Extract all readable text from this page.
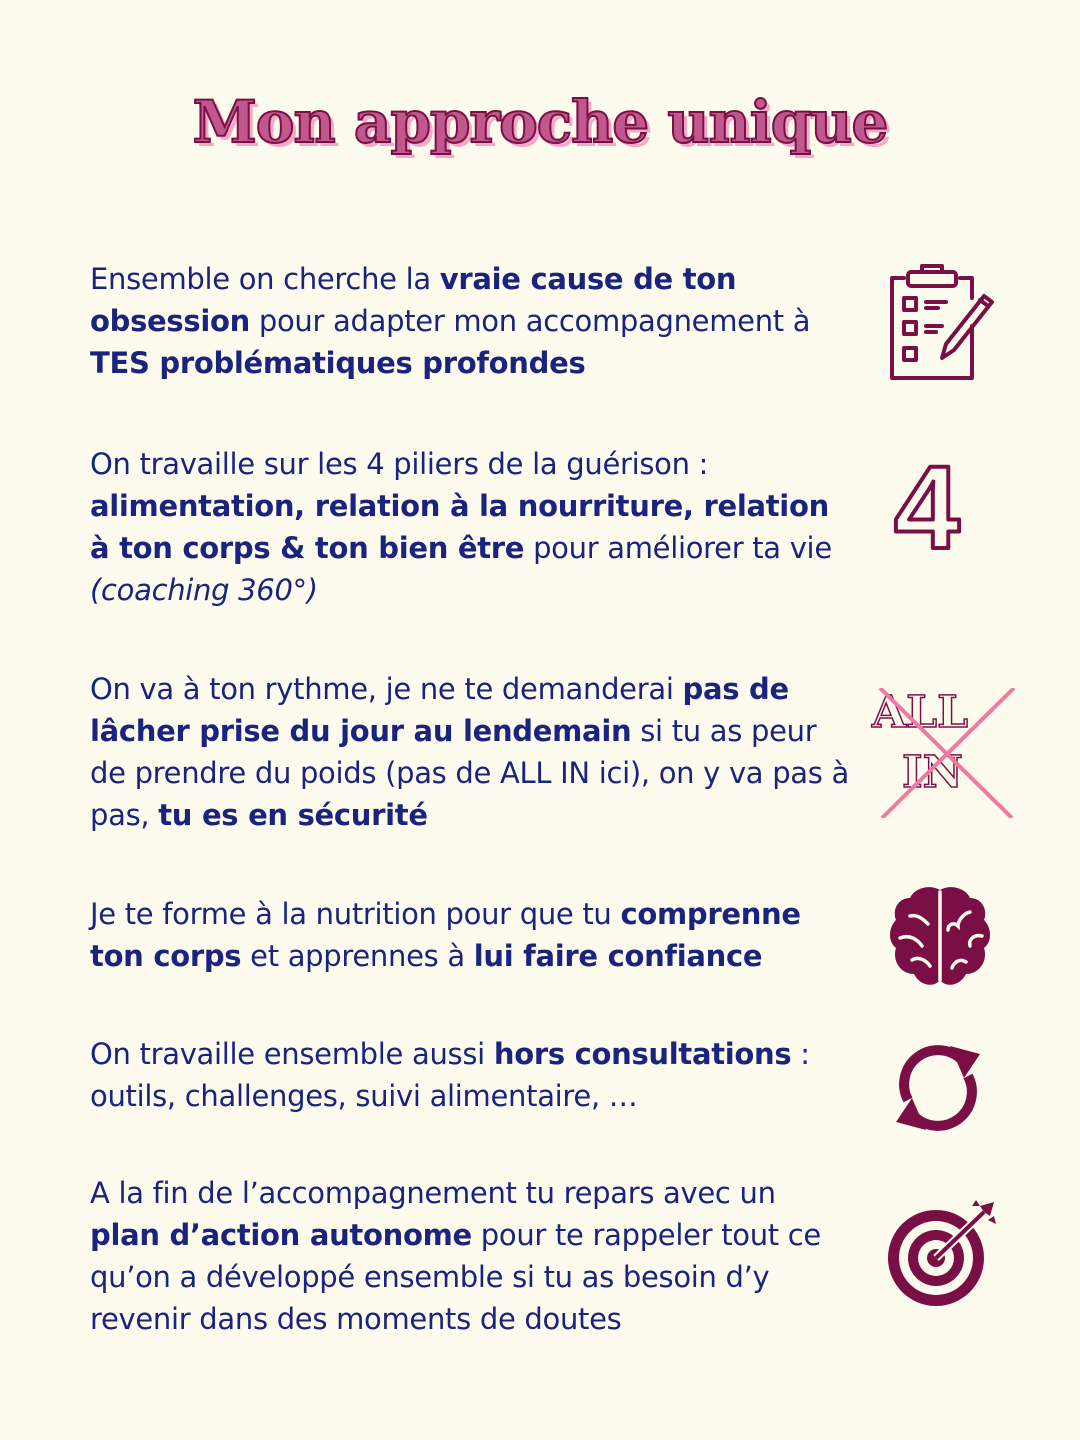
Mon approche unique

Ensemble on cherche la vraie cause de ton obsession pour adapter mon accompagnement à TES problématiques profondes

On travaille sur les 4 piliers de la guérison : alimentation, relation à la nourriture, relation à ton corps & ton bien être pour améliorer ta vie (coaching 360°)

On va à ton rythme, je ne te demanderai pas de lâcher prise du jour au lendemain si tu as peur de prendre du poids (pas de ALL IN ici), on y va pas à pas, tu es en sécurité

Je te forme à la nutrition pour que tu comprenne ton corps et apprennes à lui faire confiance

On travaille ensemble aussi hors consultations : outils, challenges, suivi alimentaire, …

A la fin de l’accompagnement tu repars avec un plan d’action autonome pour te rappeler tout ce qu’on a développé ensemble si tu as besoin d’y revenir dans des moments de doutes

4
ALL
IN
